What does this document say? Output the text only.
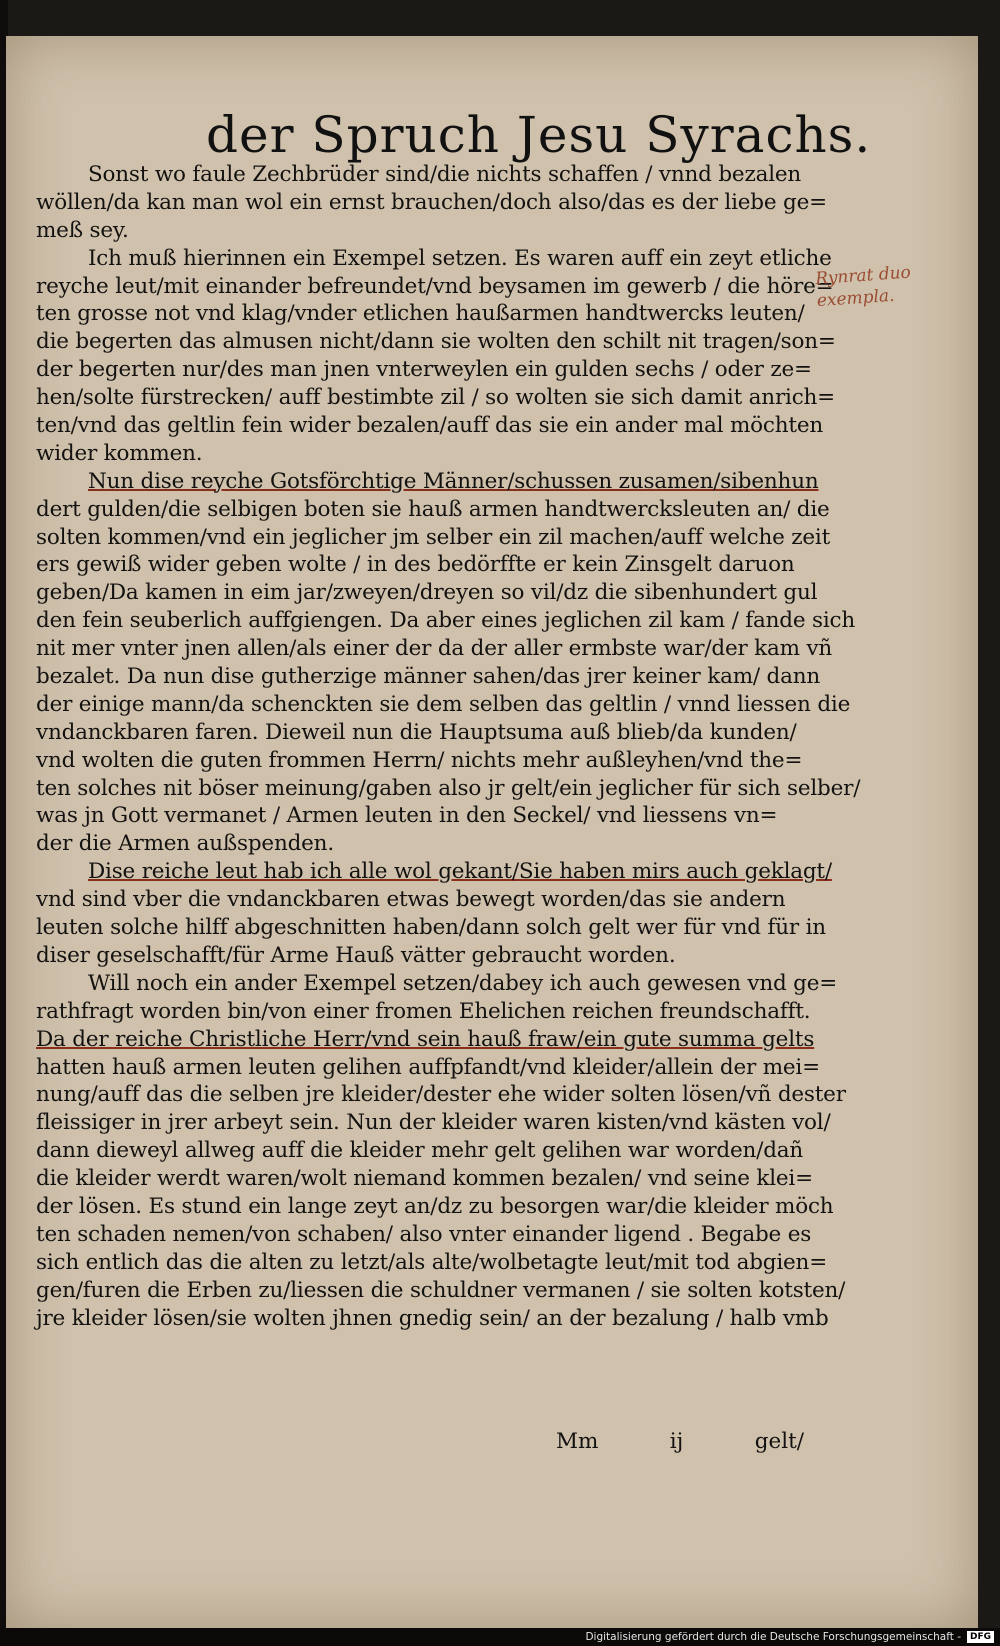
der Spruch Jesu Syrachs.
Sonst wo faule Zechbrüder sind/die nichts schaffen / vnnd bezalen
wöllen/da kan man wol ein ernst brauchen/doch also/das es der liebe ge=
meß sey.
Ich muß hierinnen ein Exempel setzen. Es waren auff ein zeyt etliche
reyche leut/mit einander befreundet/vnd beysamen im gewerb / die höre=
ten grosse not vnd klag/vnder etlichen haußarmen handtwercks leuten/
die begerten das almusen nicht/dann sie wolten den schilt nit tragen/son=
der begerten nur/des man jnen vnterweylen ein gulden sechs / oder ze=
hen/solte fürstrecken/ auff bestimbte zil / so wolten sie sich damit anrich=
ten/vnd das geltlin fein wider bezalen/auff das sie ein ander mal möchten
wider kommen.
Nun dise reyche Gotsförchtige Männer/schussen zusamen/sibenhun
dert gulden/die selbigen boten sie hauß armen handtwercksleuten an/ die
solten kommen/vnd ein jeglicher jm selber ein zil machen/auff welche zeit
ers gewiß wider geben wolte / in des bedörffte er kein Zinsgelt daruon
geben/Da kamen in eim jar/zweyen/dreyen so vil/dz die sibenhundert gul
den fein seuberlich auffgiengen. Da aber eines jeglichen zil kam / fande sich
nit mer vnter jnen allen/als einer der da der aller ermbste war/der kam vñ
bezalet. Da nun dise gutherzige männer sahen/das jrer keiner kam/ dann
der einige mann/da schenckten sie dem selben das geltlin / vnnd liessen die
vndanckbaren faren. Dieweil nun die Hauptsuma auß blieb/da kunden/
vnd wolten die guten frommen Herrn/ nichts mehr außleyhen/vnd the=
ten solches nit böser meinung/gaben also jr gelt/ein jeglicher für sich selber/
was jn Gott vermanet / Armen leuten in den Seckel/ vnd liessens vn=
der die Armen außspenden.
Dise reiche leut hab ich alle wol gekant/Sie haben mirs auch geklagt/
vnd sind vber die vndanckbaren etwas bewegt worden/das sie andern
leuten solche hilff abgeschnitten haben/dann solch gelt wer für vnd für in
diser geselschafft/für Arme Hauß vätter gebraucht worden.
Will noch ein ander Exempel setzen/dabey ich auch gewesen vnd ge=
rathfragt worden bin/von einer fromen Ehelichen reichen freundschafft.
Da der reiche Christliche Herr/vnd sein hauß fraw/ein gute summa gelts
hatten hauß armen leuten gelihen auffpfandt/vnd kleider/allein der mei=
nung/auff das die selben jre kleider/dester ehe wider solten lösen/vñ dester
fleissiger in jrer arbeyt sein. Nun der kleider waren kisten/vnd kästen vol/
dann dieweyl allweg auff die kleider mehr gelt gelihen war worden/dañ
die kleider werdt waren/wolt niemand kommen bezalen/ vnd seine klei=
der lösen. Es stund ein lange zeyt an/dz zu besorgen war/die kleider möch
ten schaden nemen/von schaben/ also vnter einander ligend . Begabe es
sich entlich das die alten zu letzt/als alte/wolbetagte leut/mit tod abgien=
gen/furen die Erben zu/liessen die schuldner vermanen / sie solten kotsten/
jre kleider lösen/sie wolten jhnen gnedig sein/ an der bezalung / halb vmb
Mm	ij	gelt/
Rynrat duo exempla.
Digitalisierung gefördert durch die Deutsche Forschungsgemeinschaft -	DFG
